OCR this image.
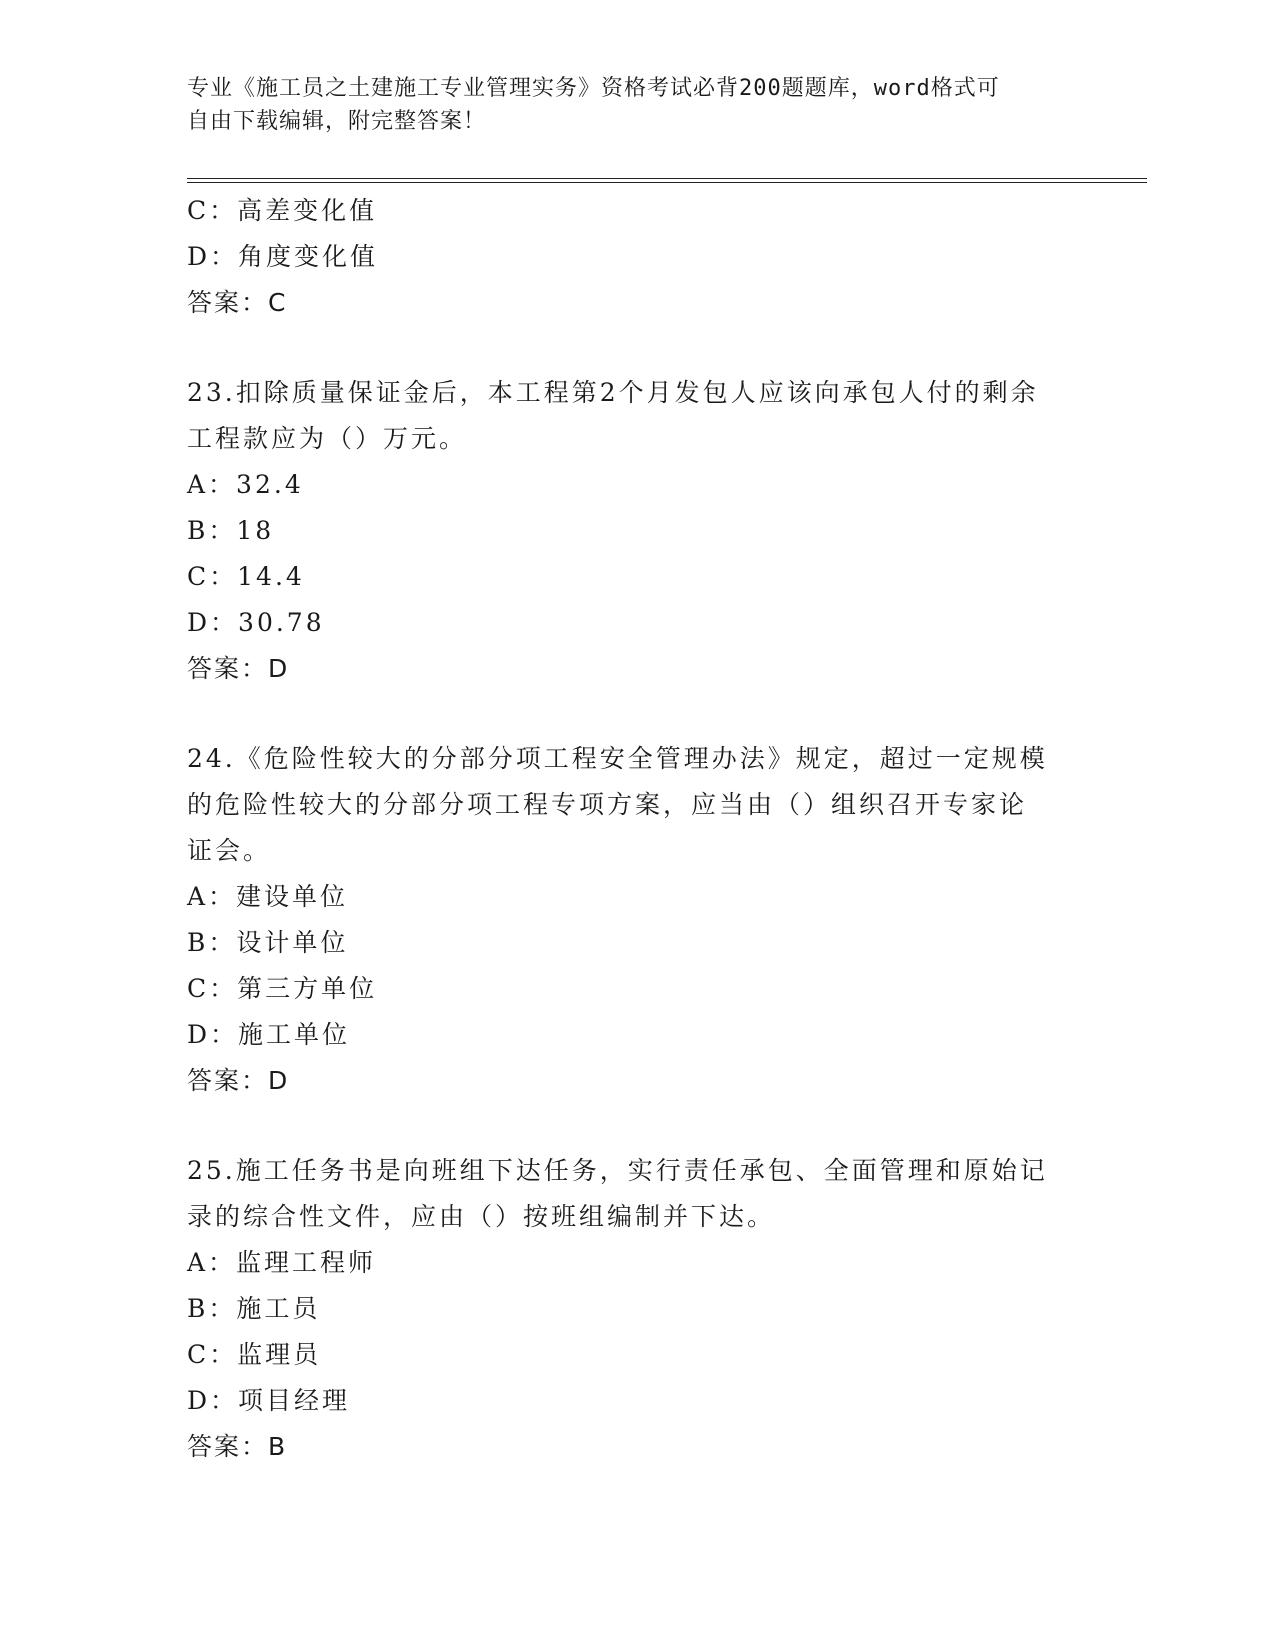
专业《施工员之土建施工专业管理实务》资格考试必背200题题库，word格式可
自由下载编辑，附完整答案！
C：高差变化值
D：角度变化值
答案：C
23.扣除质量保证金后，本工程第2个月发包人应该向承包人付的剩余
工程款应为（）万元。
A：32.4
B：18
C：14.4
D：30.78
答案：D
24.《危险性较大的分部分项工程安全管理办法》规定，超过一定规模
的危险性较大的分部分项工程专项方案，应当由（）组织召开专家论
证会。
A：建设单位
B：设计单位
C：第三方单位
D：施工单位
答案：D
25.施工任务书是向班组下达任务，实行责任承包、全面管理和原始记
录的综合性文件，应由（）按班组编制并下达。
A：监理工程师
B：施工员
C：监理员
D：项目经理
答案：B
